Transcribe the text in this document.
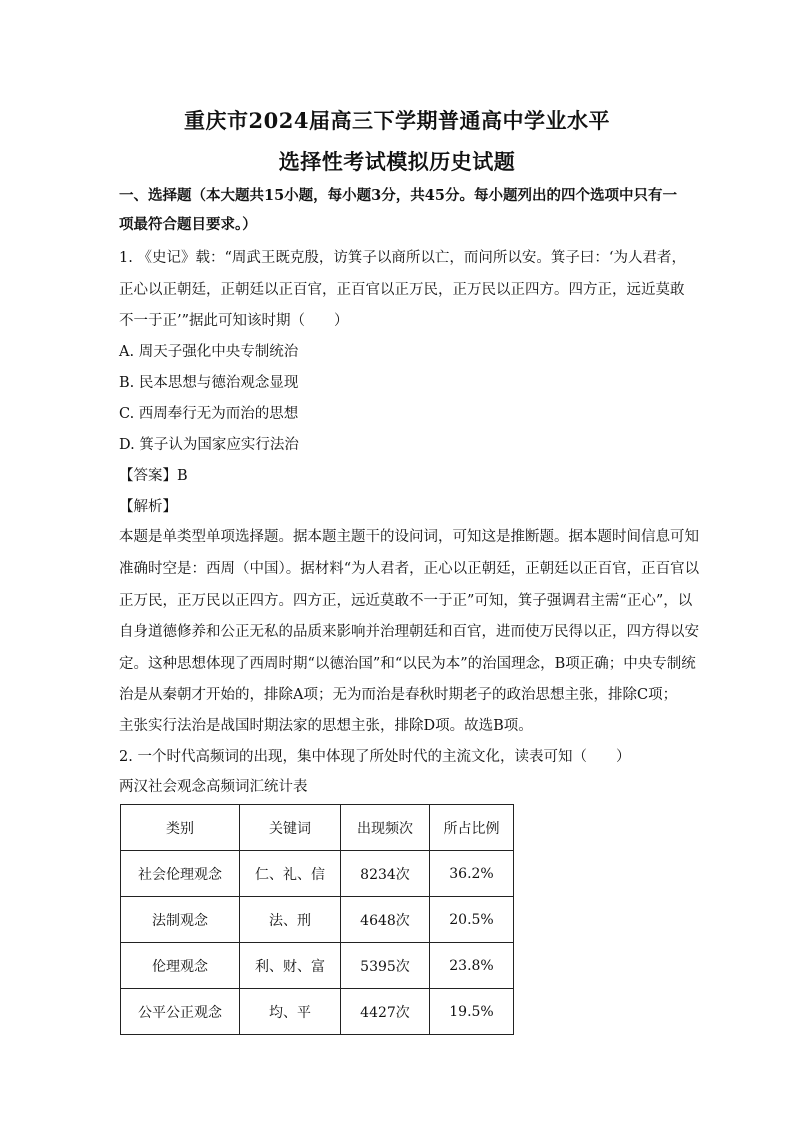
重庆市2024届高三下学期普通高中学业水平
选择性考试模拟历史试题
一、选择题（本大题共15小题，每小题3分，共45分。每小题列出的四个选项中只有一
项最符合题目要求。）
1. 《史记》载：“周武王既克殷，访箕子以商所以亡，而问所以安。箕子曰：‘为人君者，
正心以正朝廷，正朝廷以正百官，正百官以正万民，正万民以正四方。四方正，远近莫敢
不一于正’”据此可知该时期（　　）
A. 周天子强化中央专制统治
B. 民本思想与德治观念显现
C. 西周奉行无为而治的思想
D. 箕子认为国家应实行法治
【答案】B
【解析】
本题是单类型单项选择题。据本题主题干的设问词，可知这是推断题。据本题时间信息可知
准确时空是：西周（中国）。据材料“为人君者，正心以正朝廷，正朝廷以正百官，正百官以
正万民，正万民以正四方。四方正，远近莫敢不一于正”可知，箕子强调君主需“正心”，以
自身道德修养和公正无私的品质来影响并治理朝廷和百官，进而使万民得以正，四方得以安
定。这种思想体现了西周时期“以德治国”和“以民为本”的治国理念，B项正确；中央专制统
治是从秦朝才开始的，排除A项；无为而治是春秋时期老子的政治思想主张，排除C项；
主张实行法治是战国时期法家的思想主张，排除D项。故选B项。
2. 一个时代高频词的出现，集中体现了所处时代的主流文化，读表可知（　　）
两汉社会观念高频词汇统计表
类别	关键词	出现频次	所占比例
社会伦理观念	仁、礼、信	8234次	36.2%
法制观念	法、刑	4648次	20.5%
伦理观念	利、财、富	5395次	23.8%
公平公正观念	均、平	4427次	19.5%
